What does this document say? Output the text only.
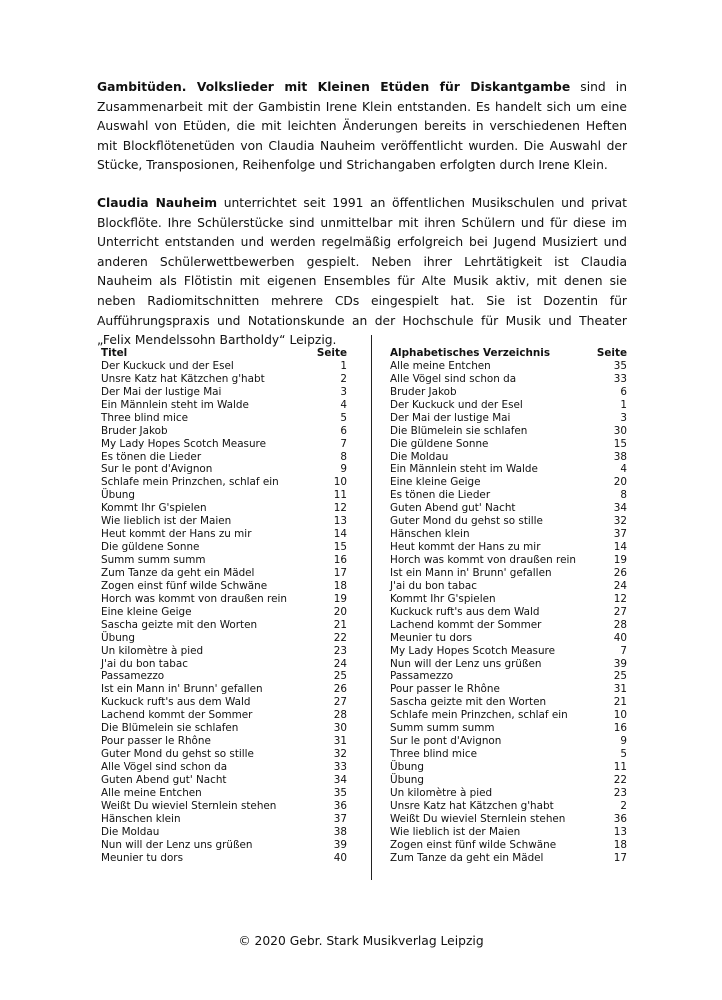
Gambitüden. Volkslieder mit Kleinen Etüden für Diskantgambe sind in Zusammenarbeit mit der Gambistin Irene Klein entstanden. Es handelt sich um eine Auswahl von Etüden, die mit leichten Änderungen bereits in verschiedenen Heften mit Blockflötenetüden von Claudia Nauheim veröffentlicht wurden. Die Auswahl der Stücke, Transposionen, Reihenfolge und Strichangaben erfolgten durch Irene Klein.
Claudia Nauheim unterrichtet seit 1991 an öffentlichen Musikschulen und privat Blockflöte. Ihre Schülerstücke sind unmittelbar mit ihren Schülern und für diese im Unterricht entstanden und werden regelmäßig erfolgreich bei Jugend Musiziert und anderen Schülerwettbewerben gespielt. Neben ihrer Lehrtätigkeit ist Claudia Nauheim als Flötistin mit eigenen Ensembles für Alte Musik aktiv, mit denen sie neben Radiomitschnitten mehrere CDs eingespielt hat. Sie ist Dozentin für Aufführungspraxis und Notationskunde an der Hochschule für Musik und Theater „Felix Mendelssohn Bartholdy“ Leipzig.
Titel	Seite
Der Kuckuck und der Esel	1
Unsre Katz hat Kätzchen g'habt	2
Der Mai der lustige Mai	3
Ein Männlein steht im Walde	4
Three blind mice	5
Bruder Jakob	6
My Lady Hopes Scotch Measure	7
Es tönen die Lieder	8
Sur le pont d'Avignon	9
Schlafe mein Prinzchen, schlaf ein	10
Übung	11
Kommt Ihr G'spielen	12
Wie lieblich ist der Maien	13
Heut kommt der Hans zu mir	14
Die güldene Sonne	15
Summ summ summ	16
Zum Tanze da geht ein Mädel	17
Zogen einst fünf wilde Schwäne	18
Horch was kommt von draußen rein	19
Eine kleine Geige	20
Sascha geizte mit den Worten	21
Übung	22
Un kilomètre à pied	23
J'ai du bon tabac	24
Passamezzo	25
Ist ein Mann in' Brunn' gefallen	26
Kuckuck ruft's aus dem Wald	27
Lachend kommt der Sommer	28
Die Blümelein sie schlafen	30
Pour passer le Rhône	31
Guter Mond du gehst so stille	32
Alle Vögel sind schon da	33
Guten Abend gut' Nacht	34
Alle meine Entchen	35
Weißt Du wieviel Sternlein stehen	36
Hänschen klein	37
Die Moldau	38
Nun will der Lenz uns grüßen	39
Meunier tu dors	40
Alphabetisches Verzeichnis	Seite
Alle meine Entchen	35
Alle Vögel sind schon da	33
Bruder Jakob	6
Der Kuckuck und der Esel	1
Der Mai der lustige Mai	3
Die Blümelein sie schlafen	30
Die güldene Sonne	15
Die Moldau	38
Ein Männlein steht im Walde	4
Eine kleine Geige	20
Es tönen die Lieder	8
Guten Abend gut' Nacht	34
Guter Mond du gehst so stille	32
Hänschen klein	37
Heut kommt der Hans zu mir	14
Horch was kommt von draußen rein	19
Ist ein Mann in' Brunn' gefallen	26
J'ai du bon tabac	24
Kommt Ihr G'spielen	12
Kuckuck ruft's aus dem Wald	27
Lachend kommt der Sommer	28
Meunier tu dors	40
My Lady Hopes Scotch Measure	7
Nun will der Lenz uns grüßen	39
Passamezzo	25
Pour passer le Rhône	31
Sascha geizte mit den Worten	21
Schlafe mein Prinzchen, schlaf ein	10
Summ summ summ	16
Sur le pont d'Avignon	9
Three blind mice	5
Übung	11
Übung	22
Un kilomètre à pied	23
Unsre Katz hat Kätzchen g'habt	2
Weißt Du wieviel Sternlein stehen	36
Wie lieblich ist der Maien	13
Zogen einst fünf wilde Schwäne	18
Zum Tanze da geht ein Mädel	17
© 2020 Gebr. Stark Musikverlag Leipzig
